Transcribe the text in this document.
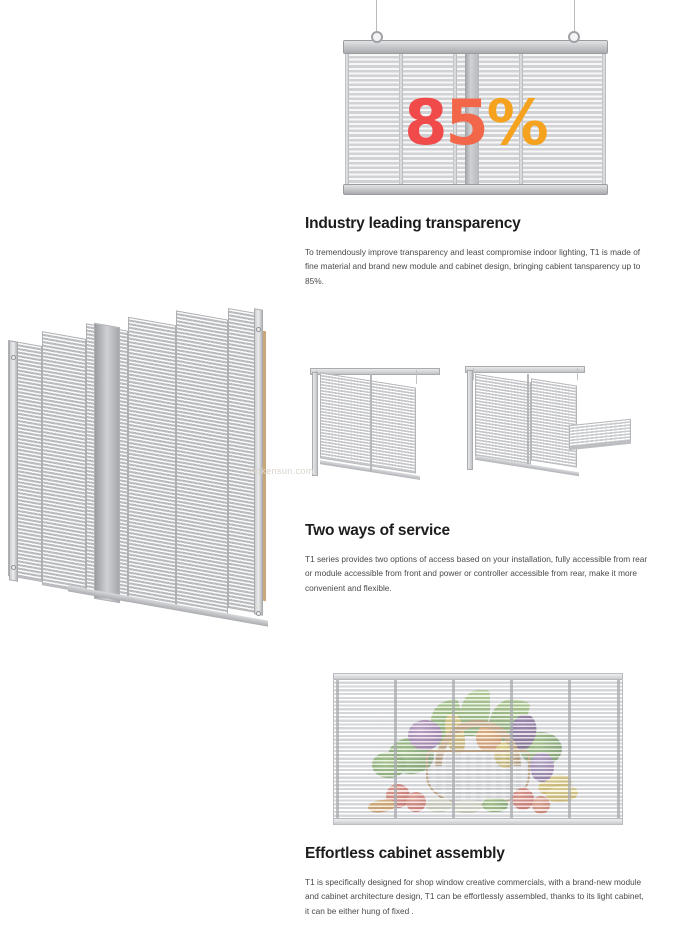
85%
Industry leading transparency

To tremendously improve transparency and least compromise indoor lighting, T1 is made of fine material and brand new module and cabinet design, bringing cabient tansparency up to 85%.

ledkensun.com
Two ways of service

T1 series provides two options of access based on your installation, fully accessible from rear or module accessible from front and power or controller accessible from rear, make it more convenient and flexible.

Effortless cabinet assembly

T1 is specifically designed for shop window creative commercials, with a brand-new module and cabinet architecture design, T1 can be effortlessly assembled, thanks to its light cabinet, it can be either hung of fixed .
